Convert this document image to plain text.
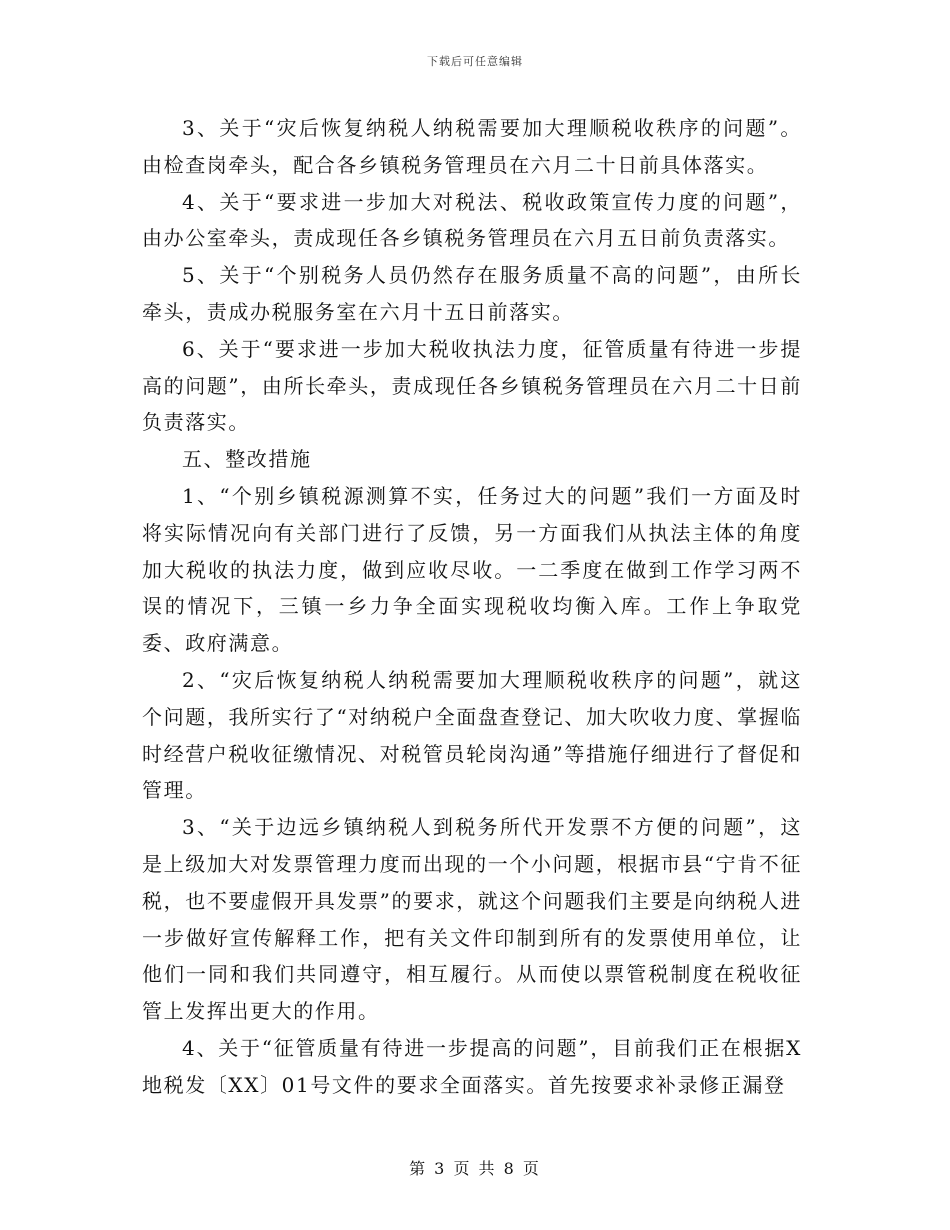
下载后可任意编辑

3、关于“灾后恢复纳税人纳税需要加大理顺税收秩序的问题”。由检查岗牵头，配合各乡镇税务管理员在六月二十日前具体落实。

4、关于“要求进一步加大对税法、税收政策宣传力度的问题”，由办公室牵头，责成现任各乡镇税务管理员在六月五日前负责落实。

5、关于“个别税务人员仍然存在服务质量不高的问题”，由所长牵头，责成办税服务室在六月十五日前落实。

6、关于“要求进一步加大税收执法力度，征管质量有待进一步提高的问题”，由所长牵头，责成现任各乡镇税务管理员在六月二十日前负责落实。

五、整改措施

1、“个别乡镇税源测算不实，任务过大的问题”我们一方面及时将实际情况向有关部门进行了反馈，另一方面我们从执法主体的角度加大税收的执法力度，做到应收尽收。一二季度在做到工作学习两不误的情况下，三镇一乡力争全面实现税收均衡入库。工作上争取党委、政府满意。

2、“灾后恢复纳税人纳税需要加大理顺税收秩序的问题”，就这个问题，我所实行了“对纳税户全面盘查登记、加大吹收力度、掌握临时经营户税收征缴情况、对税管员轮岗沟通”等措施仔细进行了督促和管理。

3、“关于边远乡镇纳税人到税务所代开发票不方便的问题”，这是上级加大对发票管理力度而出现的一个小问题，根据市县“宁肯不征税，也不要虚假开具发票”的要求，就这个问题我们主要是向纳税人进一步做好宣传解释工作，把有关文件印制到所有的发票使用单位，让他们一同和我们共同遵守，相互履行。从而使以票管税制度在税收征管上发挥出更大的作用。

4、关于“征管质量有待进一步提高的问题”，目前我们正在根据X地税发〔XX〕01号文件的要求全面落实。首先按要求补录修正漏登

第 3 页 共 8 页
